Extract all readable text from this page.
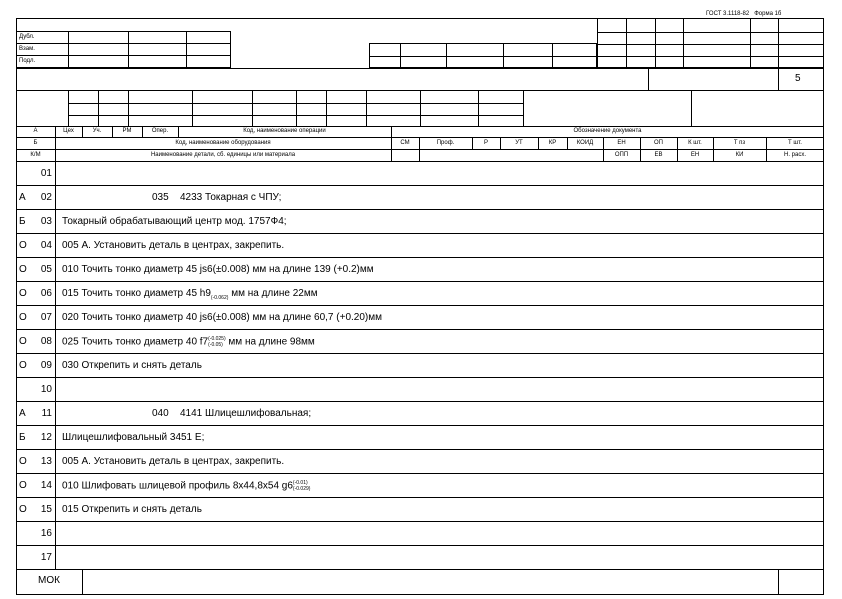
ГОСТ 3.1118-82 Форма 1б
Дубл.
Взам.
Подл.
5
А	Цех	Уч.	РМ	Опер.	Код, наименование операции	Обозначение документа
Б	Код, наименование оборудования	СМ	Проф.	Р	УТ	КР	КОИД	ЕН	ОП	К шт.	Т пз	Т шт.
К/М	Наименование детали, сб. единицы или материала	ОПП	ЕВ	ЕН	КИ	Н. расх.
МОК
01
А	02	035 4233 Токарная с ЧПУ;
Б	03 Токарный обрабатывающий центр мод. 1757Ф4;
О	04 005 А. Установить деталь в центрах, закрепить.
О	05 010 Точить тонко диаметр 45 js6(±0.008) мм на длине 139 (+0.2)мм
О	06 015 Точить тонко диаметр 45 $h9_{(-0.062)}$ мм на длине 22мм
О	07 020 Точить тонко диаметр 40 js6(±0.008) мм на длине 60,7 (+0.20)мм
О	08 025 Точить тонко диаметр 40 f7(-0.025)
(-0.05) мм на длине 98мм
О	09 030 Открепить и снять деталь
10
А	11	040 4141 Шлицешлифовальная;
Б	12 Шлицешлифовальный 3451 Е;
О	13 005 А. Установить деталь в центрах, закрепить.
О	14 010 Шлифовать шлицевой профиль 8х44,8х54 g6(-0.01)
(-0.029)
О	15 015 Открепить и снять деталь
16
17
